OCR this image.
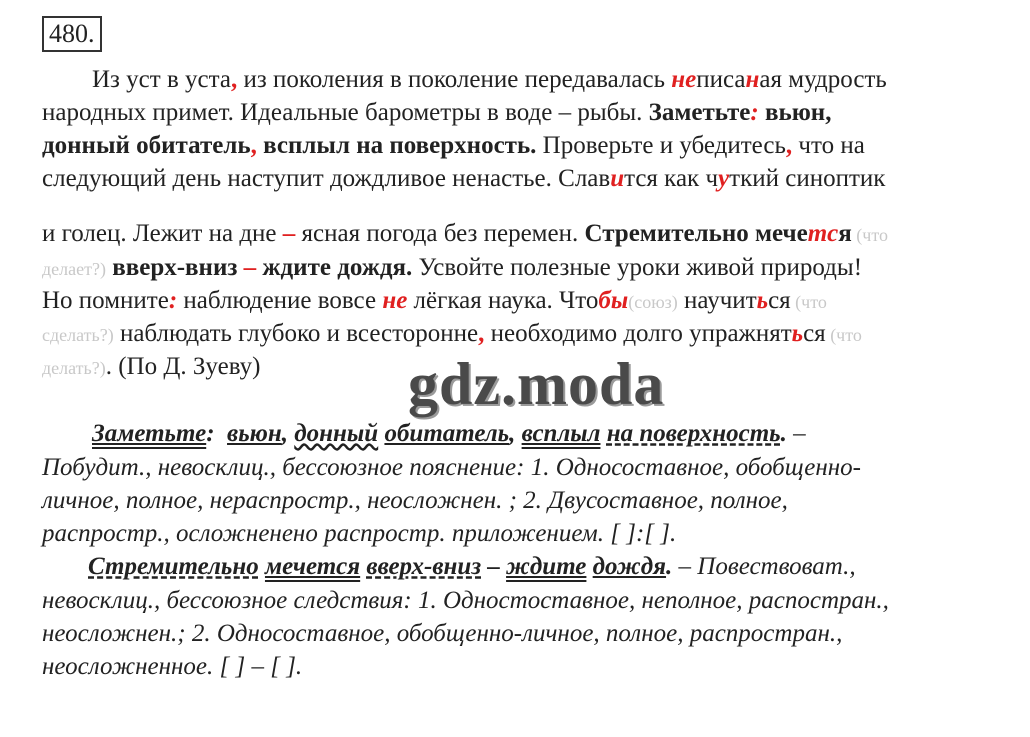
480.
Из уст в уста, из поколения в поколение передавалась неписаная мудрость
народных примет. Идеальные барометры в воде – рыбы. Заметьте: вьюн,
донный обитатель, всплыл на поверхность. Проверьте и убедитесь, что на
следующий день наступит дождливое ненастье. Славится как чуткий синоптик
и голец. Лежит на дне – ясная погода без перемен. Стремительно мечется (что
делает?) вверх-вниз – ждите дождя. Усвойте полезные уроки живой природы!
Но помните: наблюдение вовсе не лёгкая наука. Чтобы(союз) научиться (что
сделать?) наблюдать глубоко и всесторонне, необходимо долго упражняться (что
делать?). (По Д. Зуеву) gdz.moda
Заметьте: вьюн, донный обитатель, всплыл на поверхность. –
Побудит., невосклиц., бессоюзное пояснение: 1. Односоставное, обобщенно-
личное, полное, нераспростр., неосложнен. ; 2. Двусоставное, полное,
распростр., осложненено распростр. приложением. [ ]:[ ].
Стремительно мечется вверх-вниз – ждите дождя. – Повествоват.,
невосклиц., бессоюзное следствия: 1. Одностоставное, неполное, распостран.,
неосложнен.; 2. Односоставное, обобщенно-личное, полное, распростран.,
неосложненное. [ ] – [ ].
